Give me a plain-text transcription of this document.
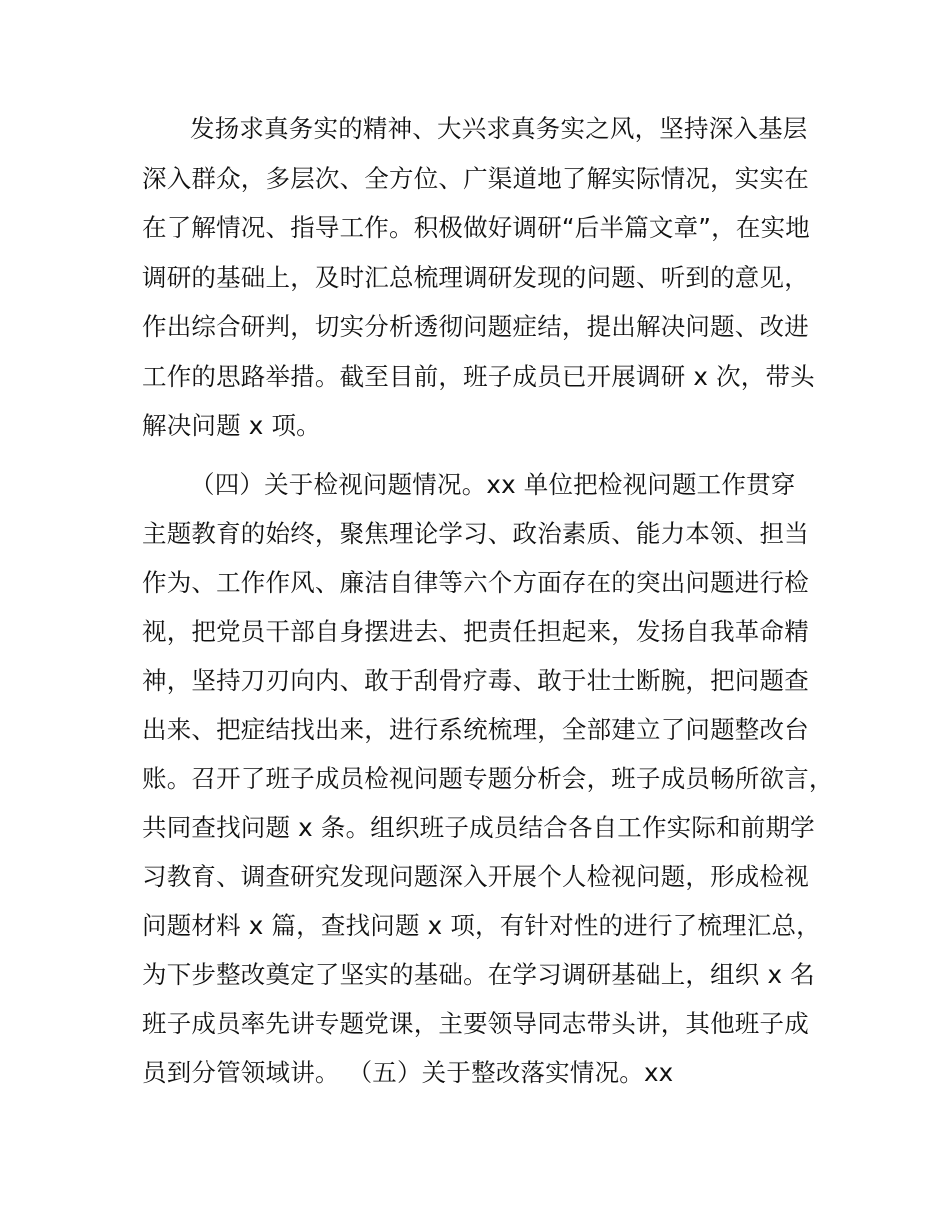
发扬求真务实的精神、大兴求真务实之风，坚持深入基层
深入群众，多层次、全方位、广渠道地了解实际情况，实实在
在了解情况、指导工作。积极做好调研“后半篇文章”，在实地
调研的基础上，及时汇总梳理调研发现的问题、听到的意见，
作出综合研判，切实分析透彻问题症结，提出解决问题、改进
工作的思路举措。截至目前，班子成员已开展调研 x 次，带头
解决问题 x 项。
（四）关于检视问题情况。xx 单位把检视问题工作贯穿
主题教育的始终，聚焦理论学习、政治素质、能力本领、担当
作为、工作作风、廉洁自律等六个方面存在的突出问题进行检
视，把党员干部自身摆进去、把责任担起来，发扬自我革命精
神，坚持刀刃向内、敢于刮骨疗毒、敢于壮士断腕，把问题查
出来、把症结找出来，进行系统梳理，全部建立了问题整改台
账。召开了班子成员检视问题专题分析会，班子成员畅所欲言，
共同查找问题 x 条。组织班子成员结合各自工作实际和前期学
习教育、调查研究发现问题深入开展个人检视问题，形成检视
问题材料 x 篇，查找问题 x 项，有针对性的进行了梳理汇总，
为下步整改奠定了坚实的基础。在学习调研基础上，组织 x 名
班子成员率先讲专题党课，主要领导同志带头讲，其他班子成
员到分管领域讲。 （五）关于整改落实情况。xx
